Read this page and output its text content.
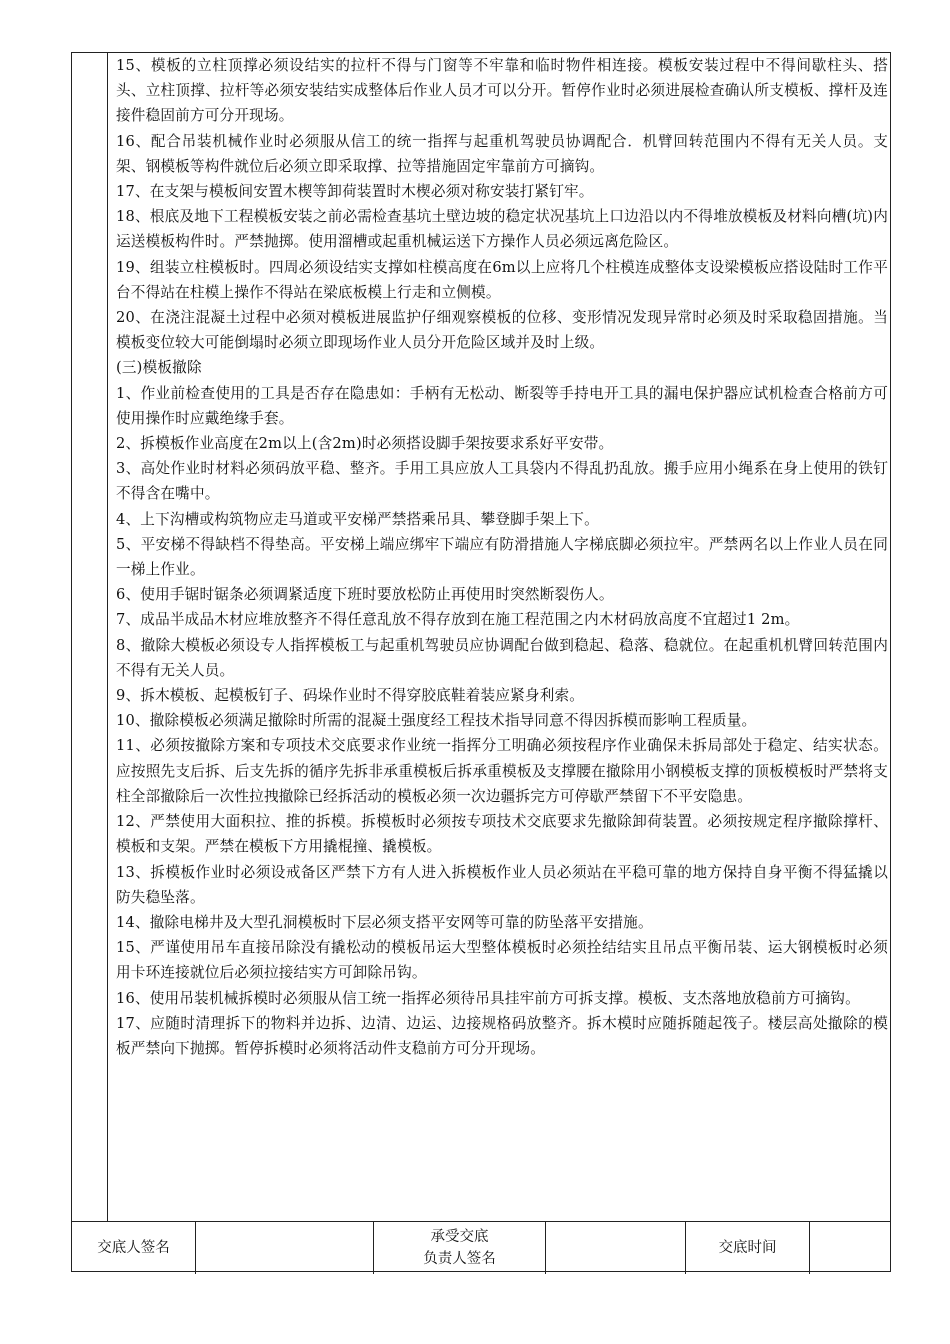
15、模板的立柱顶撑必须设结实的拉杆不得与门窗等不牢靠和临时物件相连接。模板安装过程中不得间歇柱头、搭头、立柱顶撑、拉杆等必须安装结实成整体后作业人员才可以分开。暂停作业时必须进展检查确认所支模板、撑杆及连接件稳固前方可分开现场。

16、配合吊装机械作业时必须服从信工的统一指挥与起重机驾驶员协调配合．机臂回转范围内不得有无关人员。支架、钢模板等构件就位后必须立即采取撑、拉等措施固定牢靠前方可摘钩。

17、在支架与模板间安置木楔等卸荷装置时木楔必须对称安装打紧钉牢。

18、根底及地下工程模板安装之前必需检查基坑土壁边坡的稳定状况基坑上口边沿以内不得堆放模板及材料向槽(坑)内运送模板构件时。严禁抛掷。使用溜槽或起重机械运送下方操作人员必须远离危险区。

19、组装立柱模板时。四周必须设结实支撑如柱模高度在6m以上应将几个柱模连成整体支设梁模板应搭设陆时工作平台不得站在柱模上操作不得站在梁底板模上行走和立侧模。

20、在浇注混凝土过程中必须对模板进展监护仔细观察模板的位移、变形情况发现异常时必须及时采取稳固措施。当模板变位较大可能倒塌时必须立即现场作业人员分开危险区域并及时上级。

(三)模板撤除

1、作业前检查使用的工具是否存在隐患如：手柄有无松动、断裂等手持电开工具的漏电保护器应试机检查合格前方可使用操作时应戴绝缘手套。

2、拆模板作业高度在2m以上(含2m)时必须搭设脚手架按要求系好平安带。

3、高处作业时材料必须码放平稳、整齐。手用工具应放人工具袋内不得乱扔乱放。搬手应用小绳系在身上使用的铁钉不得含在嘴中。

4、上下沟槽或构筑物应走马道或平安梯严禁搭乘吊具、攀登脚手架上下。

5、平安梯不得缺档不得垫高。平安梯上端应绑牢下端应有防滑措施人字梯底脚必须拉牢。严禁两名以上作业人员在同一梯上作业。

6、使用手锯时锯条必须调紧适度下班时要放松防止再使用时突然断裂伤人。

7、成品半成品木材应堆放整齐不得任意乱放不得存放到在施工程范围之内木材码放高度不宜超过1 2m。

8、撤除大模板必须设专人指挥模板工与起重机驾驶员应协调配台做到稳起、稳落、稳就位。在起重机机臂回转范围内不得有无关人员。

9、拆木模板、起模板钉子、码垛作业时不得穿胶底鞋着装应紧身利索。

10、撤除模板必须满足撤除时所需的混凝土强度经工程技术指导同意不得因拆模而影响工程质量。

11、必须按撤除方案和专项技术交底要求作业统一指挥分工明确必须按程序作业确保未拆局部处于稳定、结实状态。应按照先支后拆、后支先拆的循序先拆非承重模板后拆承重模板及支撑腰在撤除用小钢模板支撑的顶板模板时严禁将支柱全部撤除后一次性拉拽撤除已经拆活动的模板必须一次边疆拆完方可停歇严禁留下不平安隐患。

12、严禁使用大面积拉、推的拆模。拆模板时必须按专项技术交底要求先撤除卸荷装置。必须按规定程序撤除撑杆、模板和支架。严禁在模板下方用撬棍撞、撬模板。

13、拆模板作业时必须设戒备区严禁下方有人进入拆模板作业人员必须站在平稳可靠的地方保持自身平衡不得猛撬以防失稳坠落。

14、撤除电梯井及大型孔洞模板时下层必须支搭平安网等可靠的防坠落平安措施。

15、严谨使用吊车直接吊除没有撬松动的模板吊运大型整体模板时必须拴结结实且吊点平衡吊装、运大钢模板时必须用卡环连接就位后必须拉接结实方可卸除吊钩。

16、使用吊装机械拆模时必须服从信工统一指挥必须待吊具挂牢前方可拆支撑。模板、支杰落地放稳前方可摘钩。

17、应随时清理拆下的物料并边拆、边清、边运、边接规格码放整齐。拆木模时应随拆随起筏子。楼层高处撤除的模板严禁向下抛掷。暂停拆模时必须将活动件支稳前方可分开现场。

交底人签名
承受交底
负责人签名
交底时间
